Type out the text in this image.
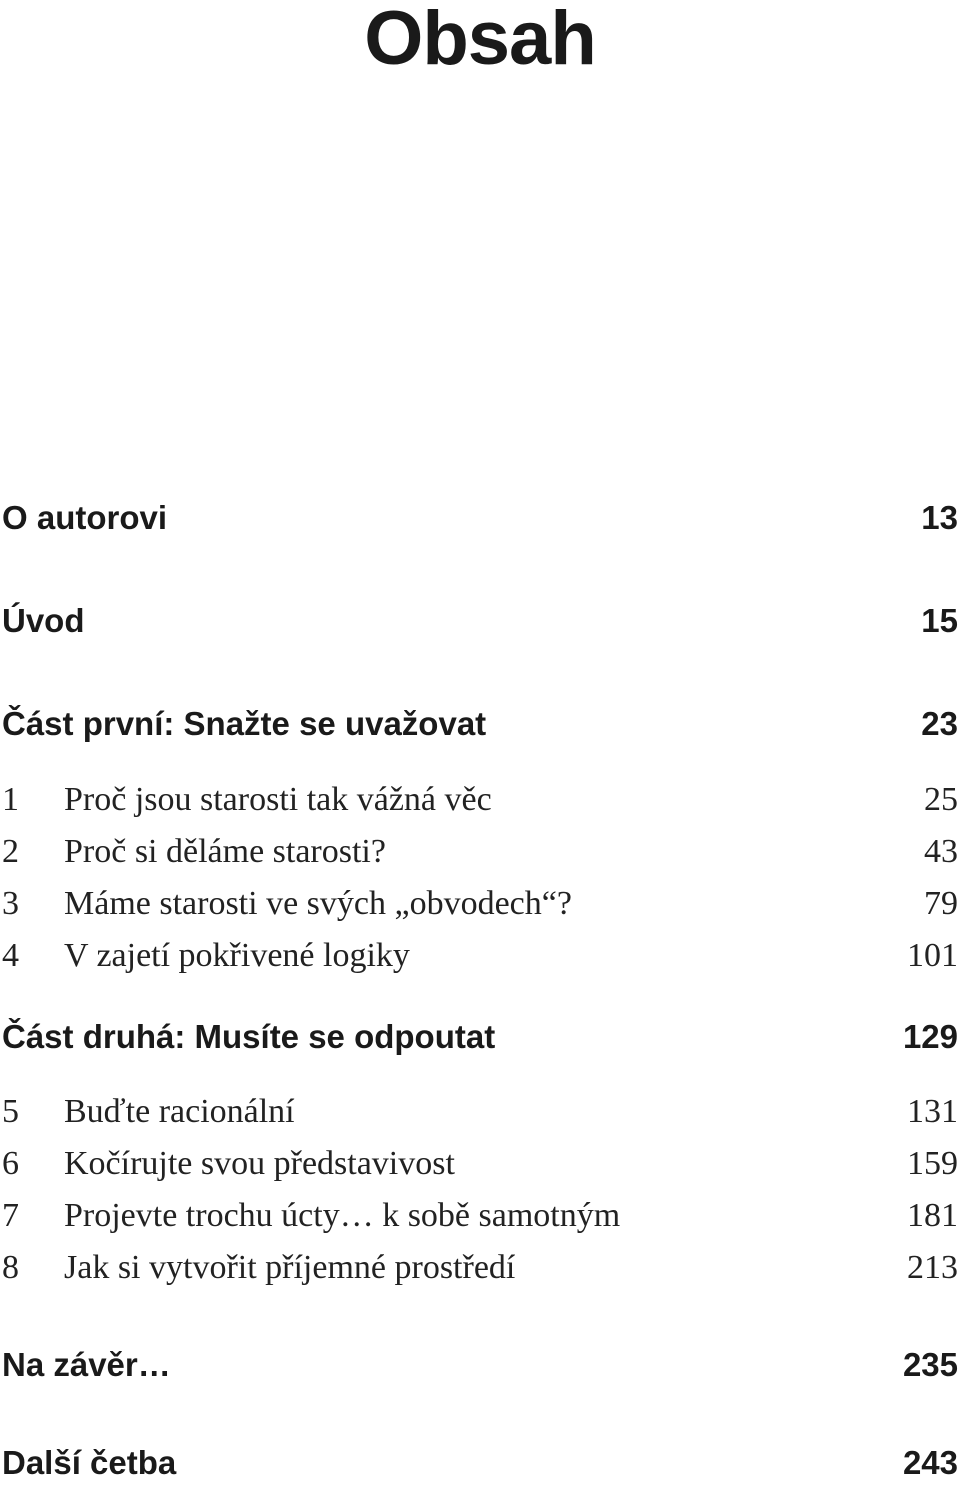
Obsah
O autorovi	13
Úvod	15
Část první: Snažte se uvažovat	23
1 Proč jsou starosti tak vážná věc	25
2 Proč si děláme starosti?	43
3 Máme starosti ve svých „obvodech“?	79
4 V zajetí pokřivené logiky	101
Část druhá: Musíte se odpoutat	129
5 Buďte racionální	131
6 Kočírujte svou představivost	159
7 Projevte trochu úcty… k sobě samotným	181
8 Jak si vytvořit příjemné prostředí	213
Na závěr…	235
Další četba	243
